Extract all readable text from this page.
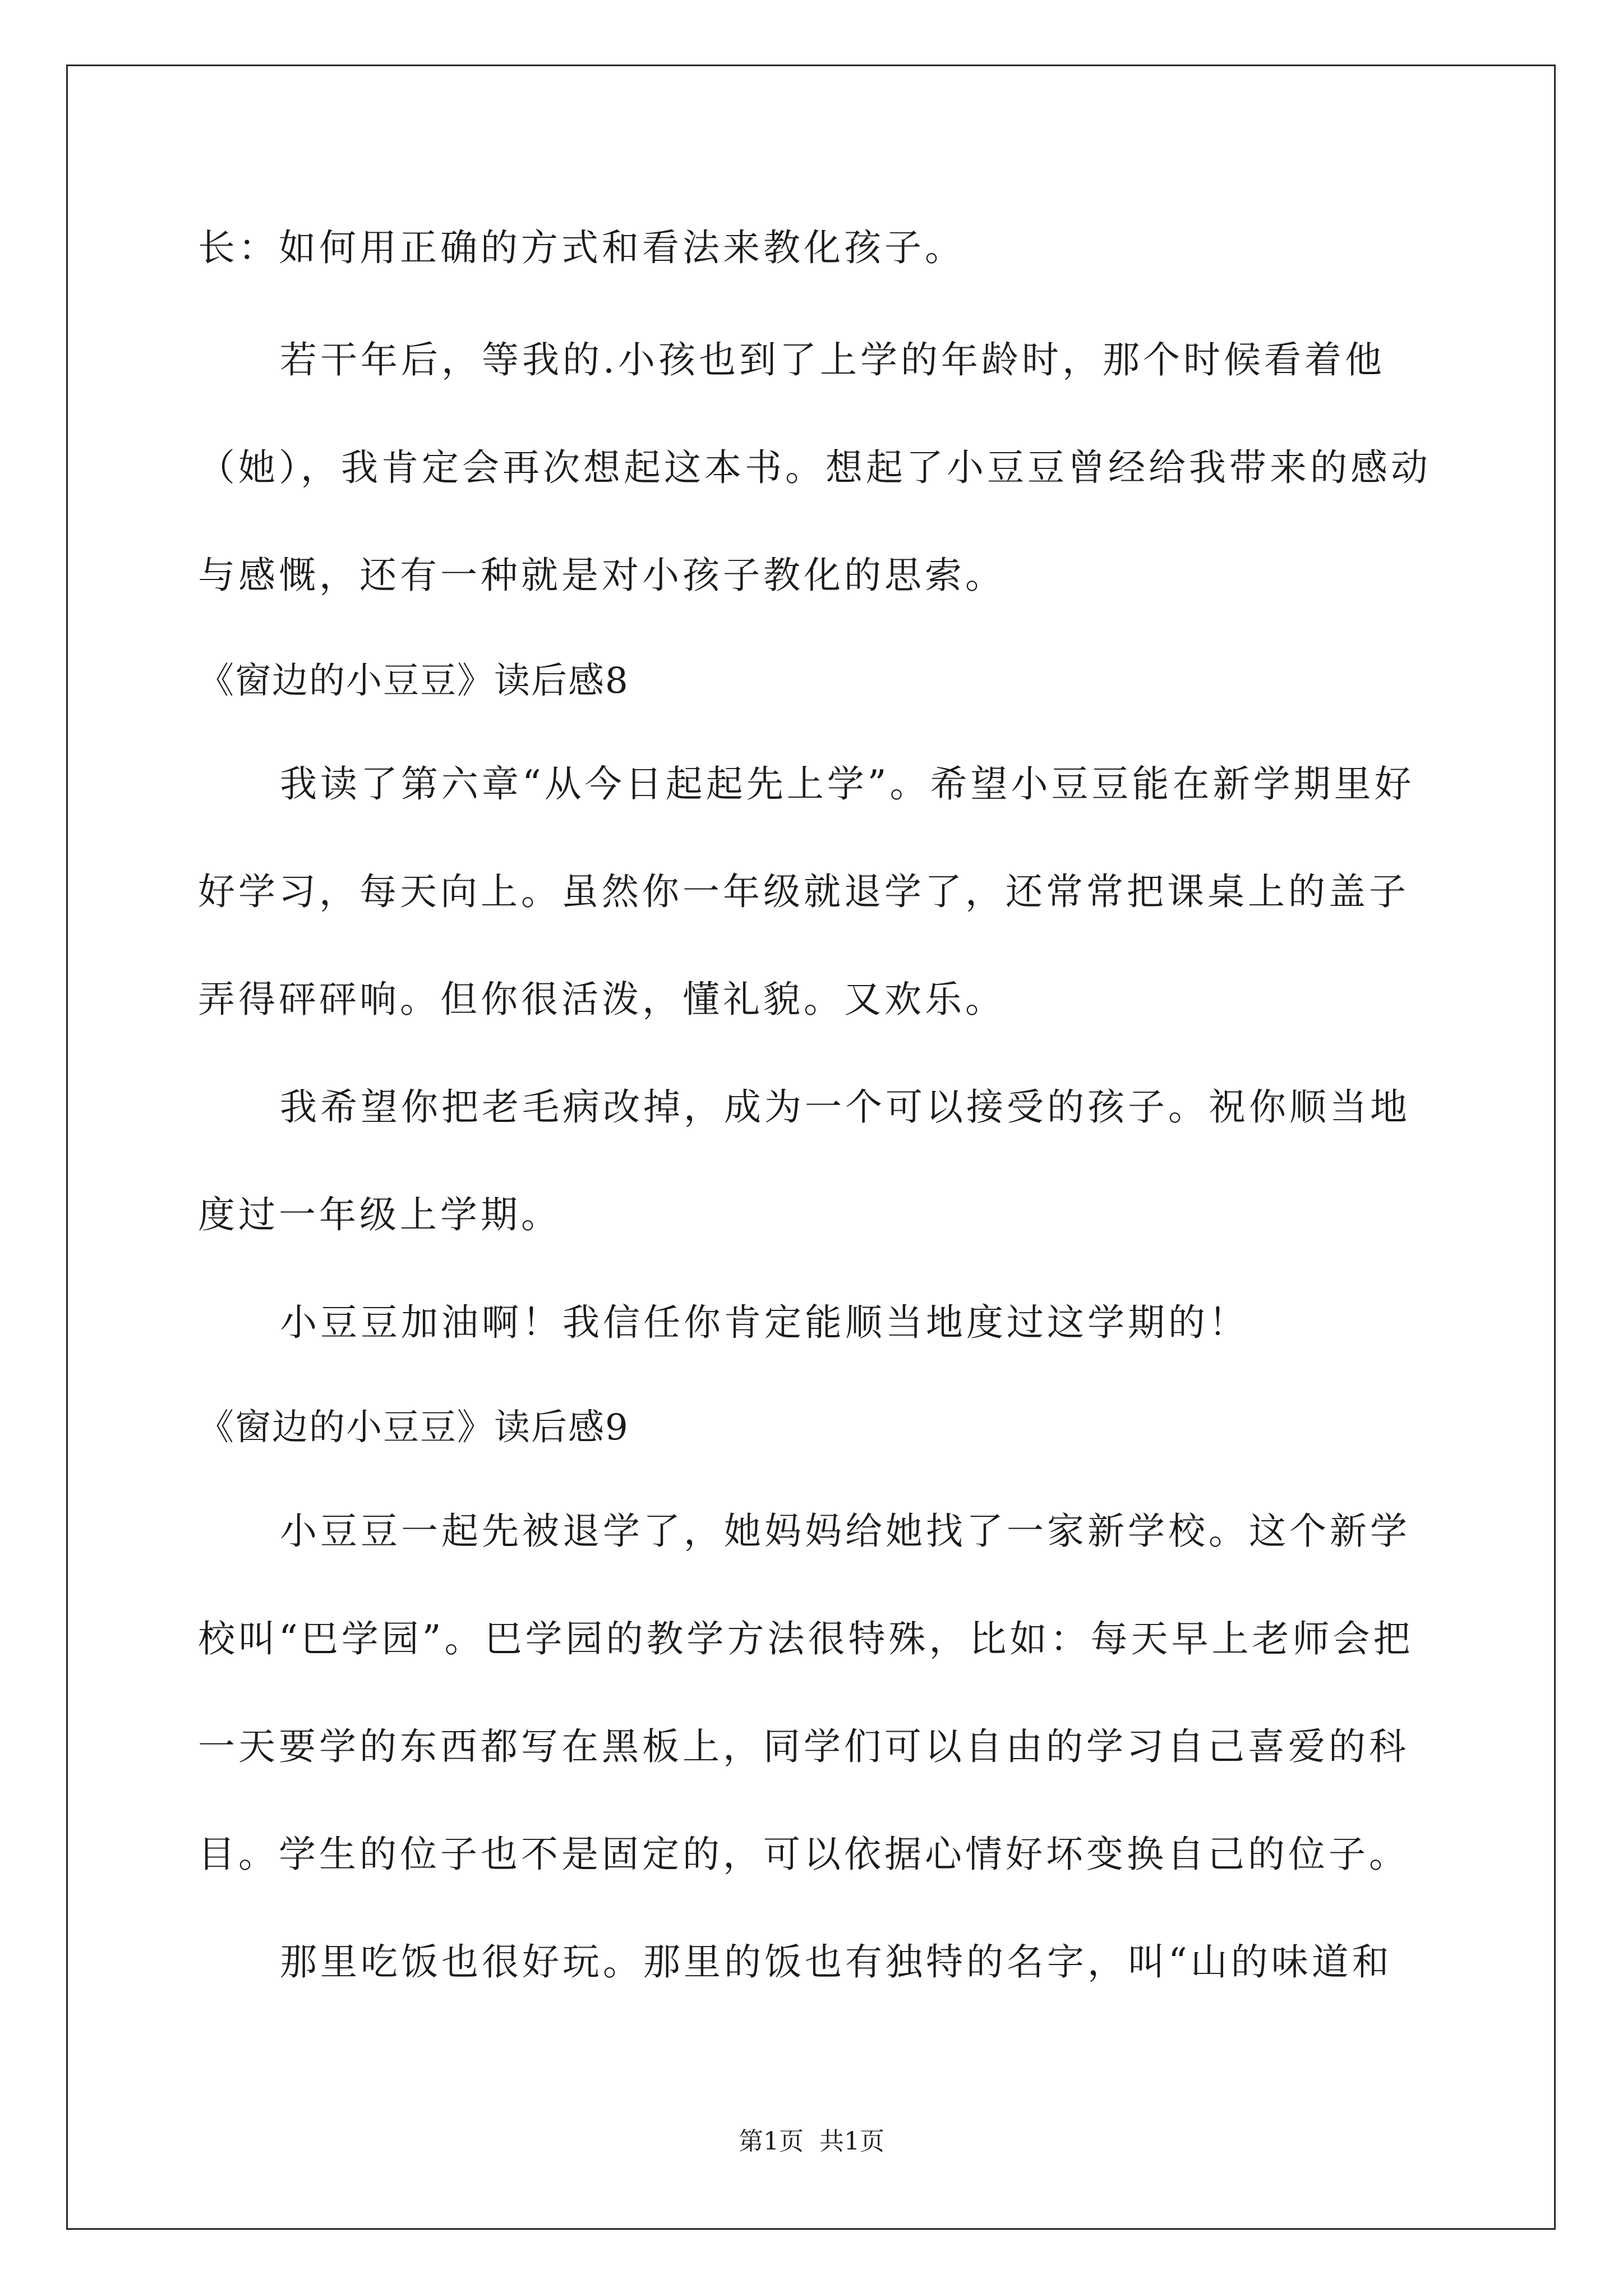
长：如何用正确的方式和看法来教化孩子。
若干年后，等我的.小孩也到了上学的年龄时，那个时候看着他
（她），我肯定会再次想起这本书。想起了小豆豆曾经给我带来的感动
与感慨，还有一种就是对小孩子教化的思索。
《窗边的小豆豆》读后感8
我读了第六章“从今日起起先上学”。希望小豆豆能在新学期里好
好学习，每天向上。虽然你一年级就退学了，还常常把课桌上的盖子
弄得砰砰响。但你很活泼，懂礼貌。又欢乐。
我希望你把老毛病改掉，成为一个可以接受的孩子。祝你顺当地
度过一年级上学期。
小豆豆加油啊！我信任你肯定能顺当地度过这学期的！
《窗边的小豆豆》读后感9
小豆豆一起先被退学了，她妈妈给她找了一家新学校。这个新学
校叫“巴学园”。巴学园的教学方法很特殊，比如：每天早上老师会把
一天要学的东西都写在黑板上，同学们可以自由的学习自己喜爱的科
目。学生的位子也不是固定的，可以依据心情好坏变换自己的位子。
那里吃饭也很好玩。那里的饭也有独特的名字，叫“山的味道和
第1页 共1页
